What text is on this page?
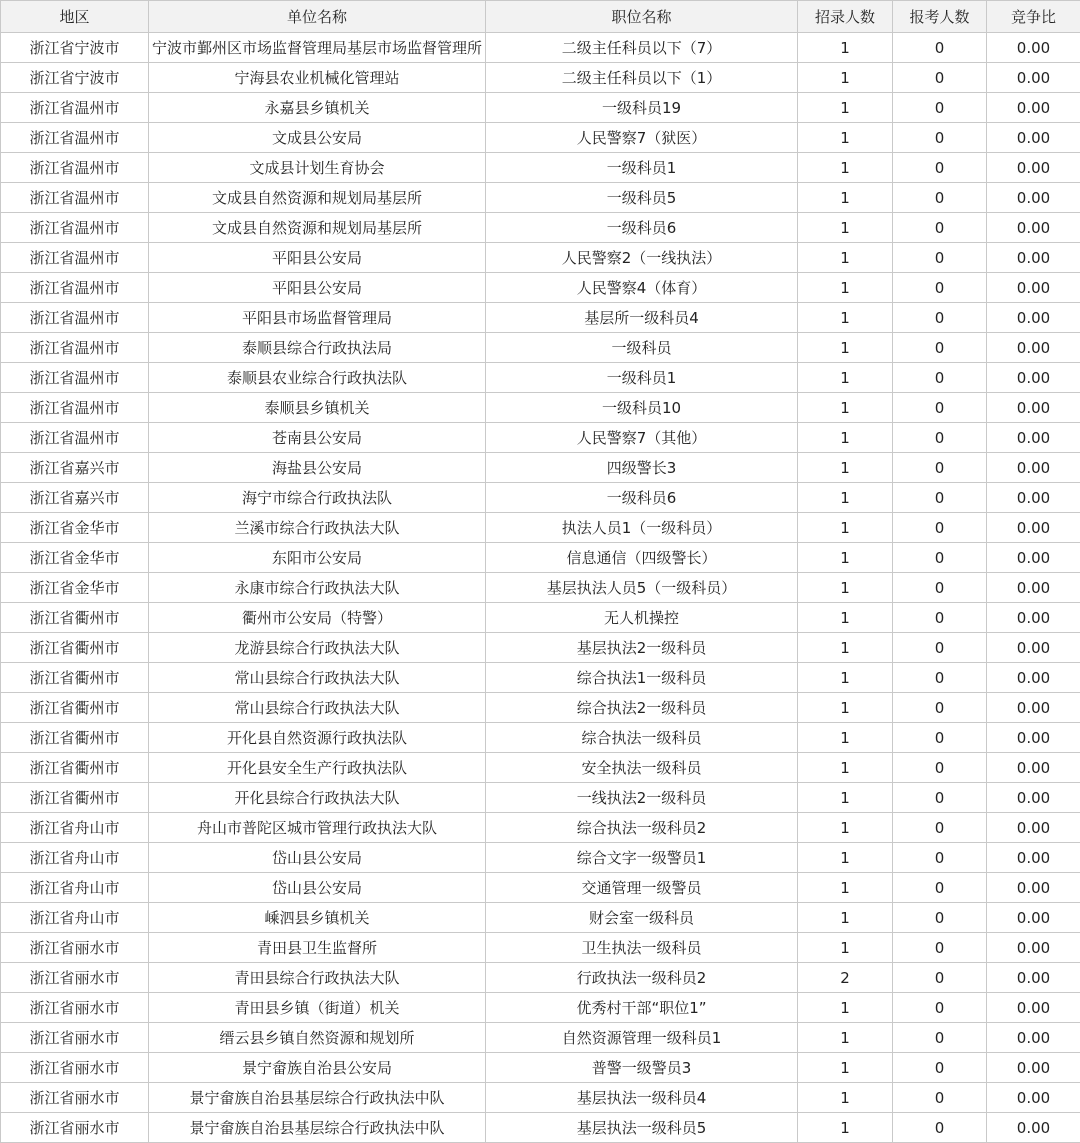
地区	单位名称	职位名称	招录人数	报考人数	竞争比
浙江省宁波市	宁波市鄞州区市场监督管理局基层市场监督管理所	二级主任科员以下（7）	1	0	0.00
浙江省宁波市	宁海县农业机械化管理站	二级主任科员以下（1）	1	0	0.00
浙江省温州市	永嘉县乡镇机关	一级科员19	1	0	0.00
浙江省温州市	文成县公安局	人民警察7（狱医）	1	0	0.00
浙江省温州市	文成县计划生育协会	一级科员1	1	0	0.00
浙江省温州市	文成县自然资源和规划局基层所	一级科员5	1	0	0.00
浙江省温州市	文成县自然资源和规划局基层所	一级科员6	1	0	0.00
浙江省温州市	平阳县公安局	人民警察2（一线执法）	1	0	0.00
浙江省温州市	平阳县公安局	人民警察4（体育）	1	0	0.00
浙江省温州市	平阳县市场监督管理局	基层所一级科员4	1	0	0.00
浙江省温州市	泰顺县综合行政执法局	一级科员	1	0	0.00
浙江省温州市	泰顺县农业综合行政执法队	一级科员1	1	0	0.00
浙江省温州市	泰顺县乡镇机关	一级科员10	1	0	0.00
浙江省温州市	苍南县公安局	人民警察7（其他）	1	0	0.00
浙江省嘉兴市	海盐县公安局	四级警长3	1	0	0.00
浙江省嘉兴市	海宁市综合行政执法队	一级科员6	1	0	0.00
浙江省金华市	兰溪市综合行政执法大队	执法人员1（一级科员）	1	0	0.00
浙江省金华市	东阳市公安局	信息通信（四级警长）	1	0	0.00
浙江省金华市	永康市综合行政执法大队	基层执法人员5（一级科员）	1	0	0.00
浙江省衢州市	衢州市公安局（特警）	无人机操控	1	0	0.00
浙江省衢州市	龙游县综合行政执法大队	基层执法2一级科员	1	0	0.00
浙江省衢州市	常山县综合行政执法大队	综合执法1一级科员	1	0	0.00
浙江省衢州市	常山县综合行政执法大队	综合执法2一级科员	1	0	0.00
浙江省衢州市	开化县自然资源行政执法队	综合执法一级科员	1	0	0.00
浙江省衢州市	开化县安全生产行政执法队	安全执法一级科员	1	0	0.00
浙江省衢州市	开化县综合行政执法大队	一线执法2一级科员	1	0	0.00
浙江省舟山市	舟山市普陀区城市管理行政执法大队	综合执法一级科员2	1	0	0.00
浙江省舟山市	岱山县公安局	综合文字一级警员1	1	0	0.00
浙江省舟山市	岱山县公安局	交通管理一级警员	1	0	0.00
浙江省舟山市	嵊泗县乡镇机关	财会室一级科员	1	0	0.00
浙江省丽水市	青田县卫生监督所	卫生执法一级科员	1	0	0.00
浙江省丽水市	青田县综合行政执法大队	行政执法一级科员2	2	0	0.00
浙江省丽水市	青田县乡镇（街道）机关	优秀村干部“职位1”	1	0	0.00
浙江省丽水市	缙云县乡镇自然资源和规划所	自然资源管理一级科员1	1	0	0.00
浙江省丽水市	景宁畲族自治县公安局	普警一级警员3	1	0	0.00
浙江省丽水市	景宁畲族自治县基层综合行政执法中队	基层执法一级科员4	1	0	0.00
浙江省丽水市	景宁畲族自治县基层综合行政执法中队	基层执法一级科员5	1	0	0.00
